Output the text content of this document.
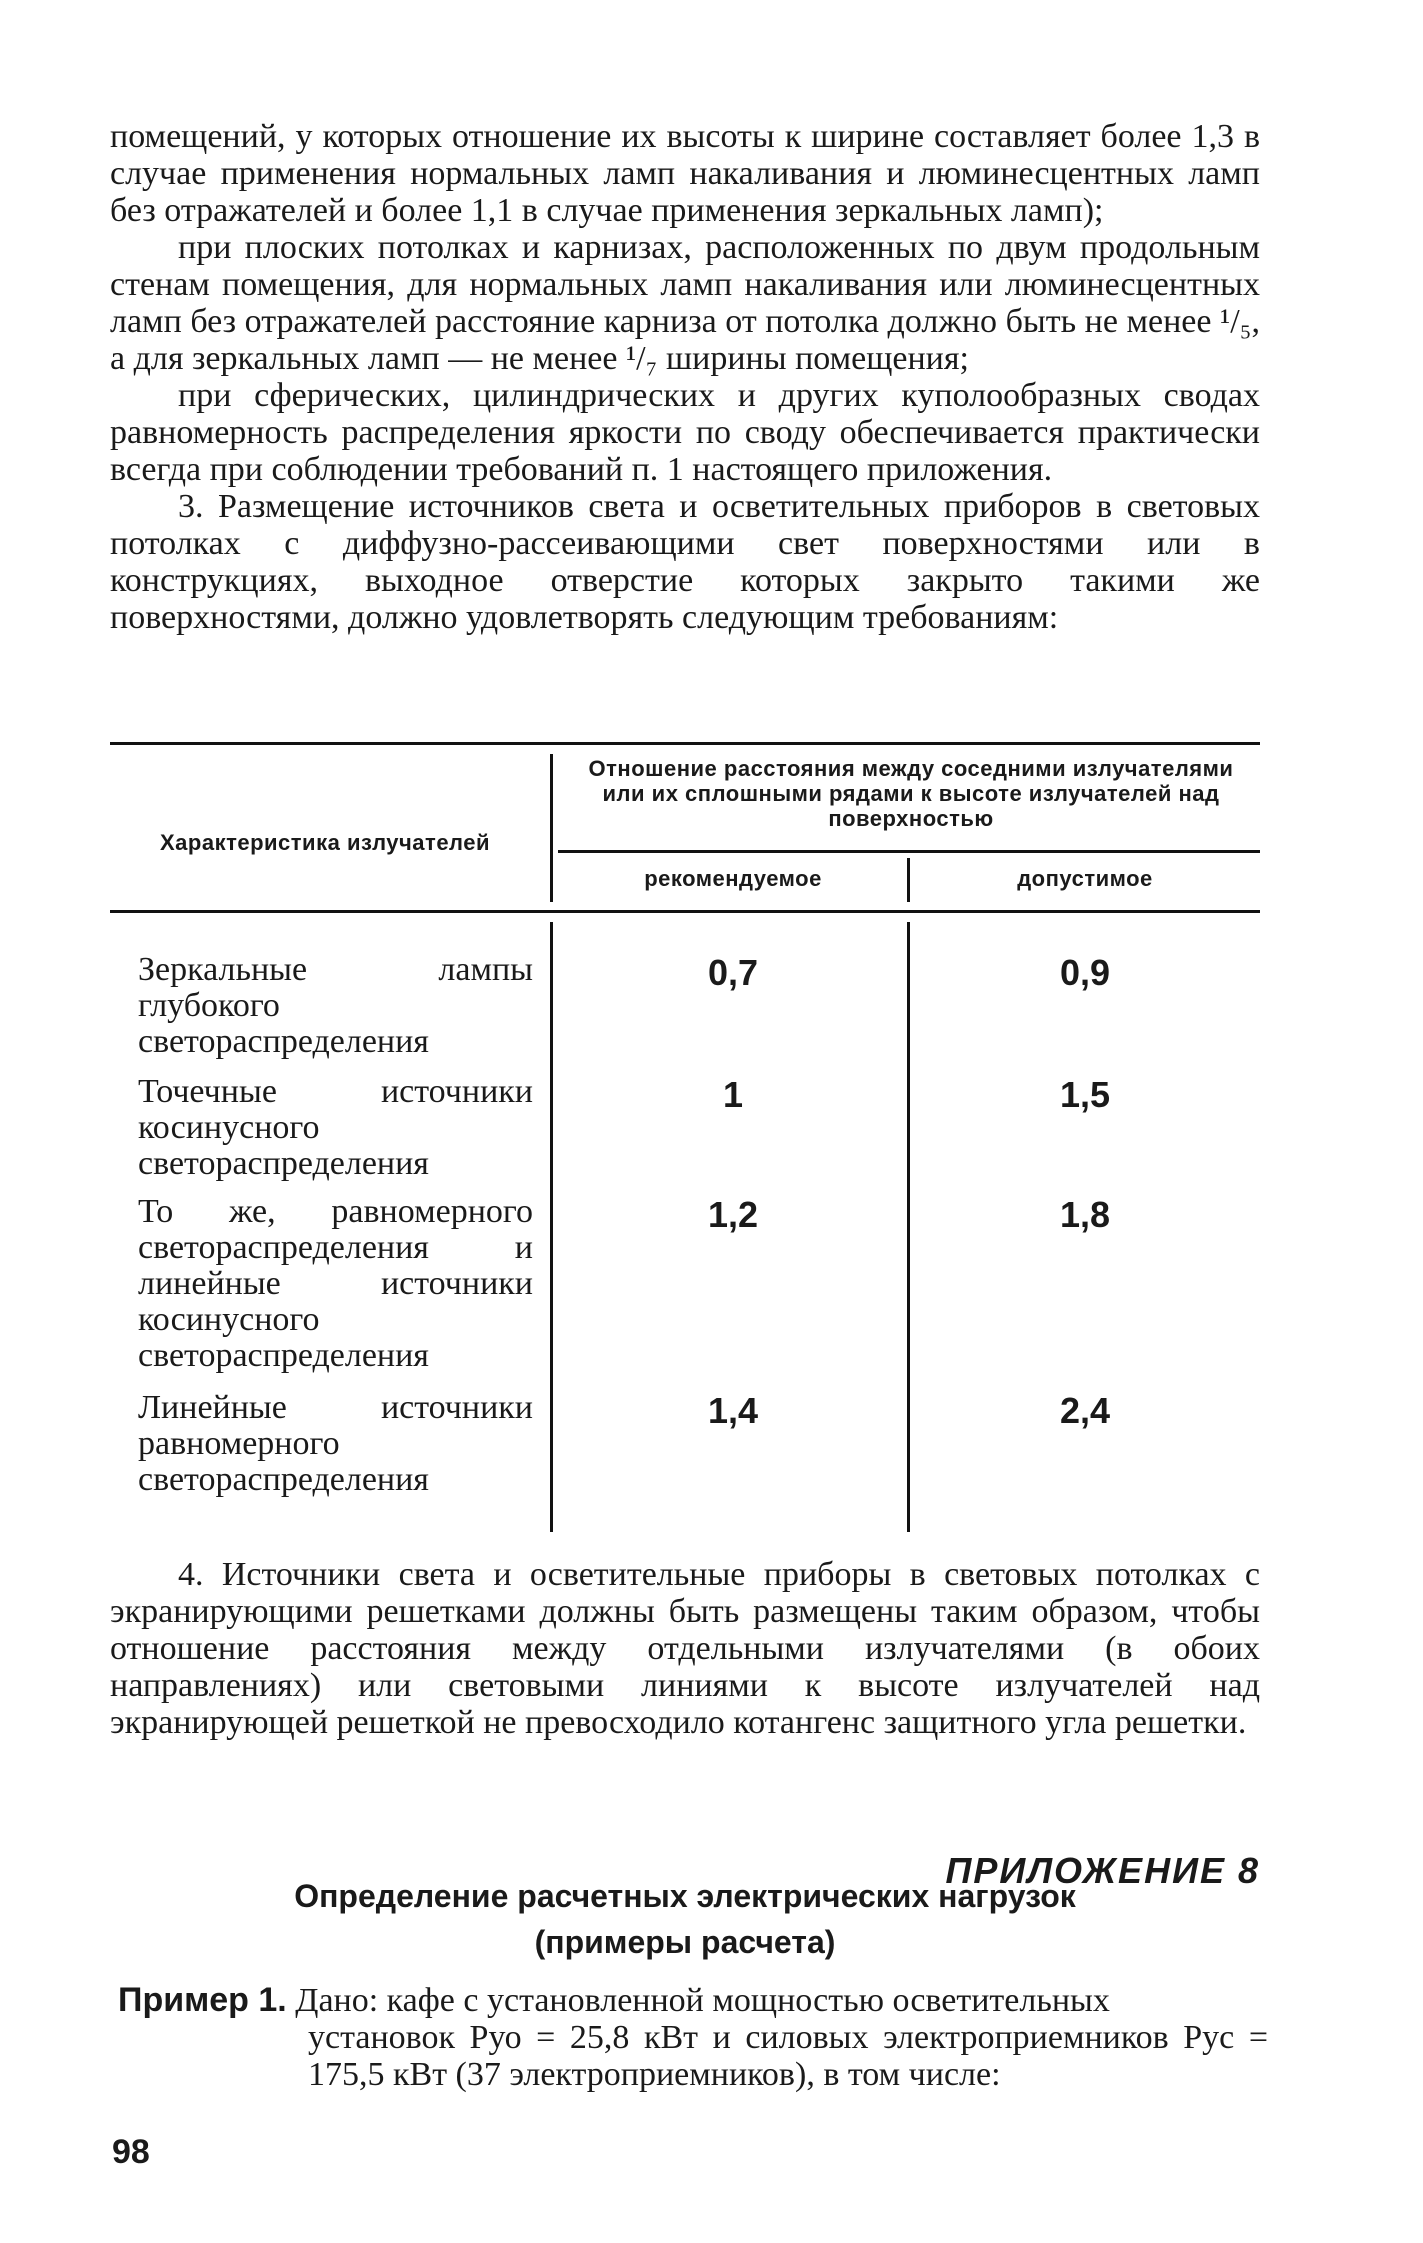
помещений, у которых отношение их высоты к ширине составляет более 1,3 в случае применения нормальных ламп накаливания и люминесцентных ламп без отражателей и более 1,1 в случае применения зеркальных ламп);

при плоских потолках и карнизах, расположенных по двум продольным стенам помещения, для нормальных ламп накаливания или люминесцентных ламп без отражателей расстояние карниза от потолка должно быть не менее ¹/₅, а для зеркальных ламп — не менее ¹/₇ ширины помещения;

при сферических, цилиндрических и других куполообразных сводах равномерность распределения яркости по своду обеспечивается практически всегда при соблюдении требований п. 1 настоящего приложения.

3. Размещение источников света и осветительных приборов в световых потолках с диффузно-рассеивающими свет поверхностями или в конструкциях, выходное отверстие которых закрыто такими же поверхностями, должно удовлетворять следующим требованиям:

Характеристика излучателей
Отношение расстояния между соседними излучателями или их сплошными рядами к высоте излучателей над поверхностью
рекомендуемое	допустимое
Зеркальные лампы глубокого светораспределения
0,7	0,9
Точечные источники косинусного светораспределения
1	1,5
То же, равномерного светораспределения и линейные источники косинусного светораспределения
1,2	1,8
Линейные источники равномерного светораспределения
1,4	2,4

4. Источники света и осветительные приборы в световых потолках с экранирующими решетками должны быть размещены таким образом, чтобы отношение расстояния между отдельными излучателями (в обоих направлениях) или световыми линиями к высоте излучателей над экранирующей решеткой не превосходило котангенс защитного угла решетки.

ПРИЛОЖЕНИЕ 8
Определение расчетных электрических нагрузок
(примеры расчета)
Пример 1. Дано: кафе с установленной мощностью осветительных
установок Pуо = 25,8 кВт и силовых электроприемников Pус = 175,5 кВт (37 электроприемников), в том числе:
98
